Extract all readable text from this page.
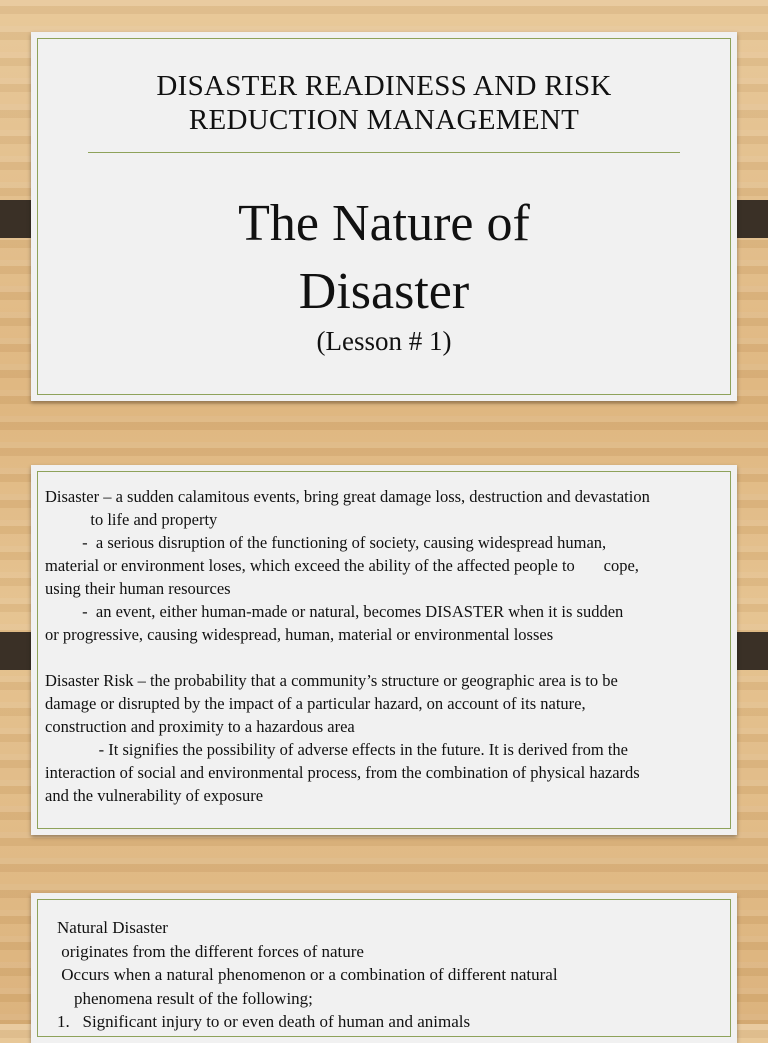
DISASTER READINESS AND RISK
REDUCTION MANAGEMENT
The Nature of
Disaster
(Lesson # 1)
Disaster – a sudden calamitous events, bring great damage loss, destruction and devastation
to life and property
-  a serious disruption of the functioning of society, causing widespread human,
material or environment loses, which exceed the ability of the affected people to       cope,
using their human resources
-  an event, either human-made or natural, becomes DISASTER when it is sudden
or progressive, causing widespread, human, material or environmental losses

Disaster Risk – the probability that a community’s structure or geographic area is to be
damage or disrupted by the impact of a particular hazard, on account of its nature,
construction and proximity to a hazardous area
- It signifies the possibility of adverse effects in the future. It is derived from the
interaction of social and environmental process, from the combination of physical hazards
and the vulnerability of exposure
Natural Disaster
originates from the different forces of nature
Occurs when a natural phenomenon or a combination of different natural
phenomena result of the following;
1.   Significant injury to or even death of human and animals
